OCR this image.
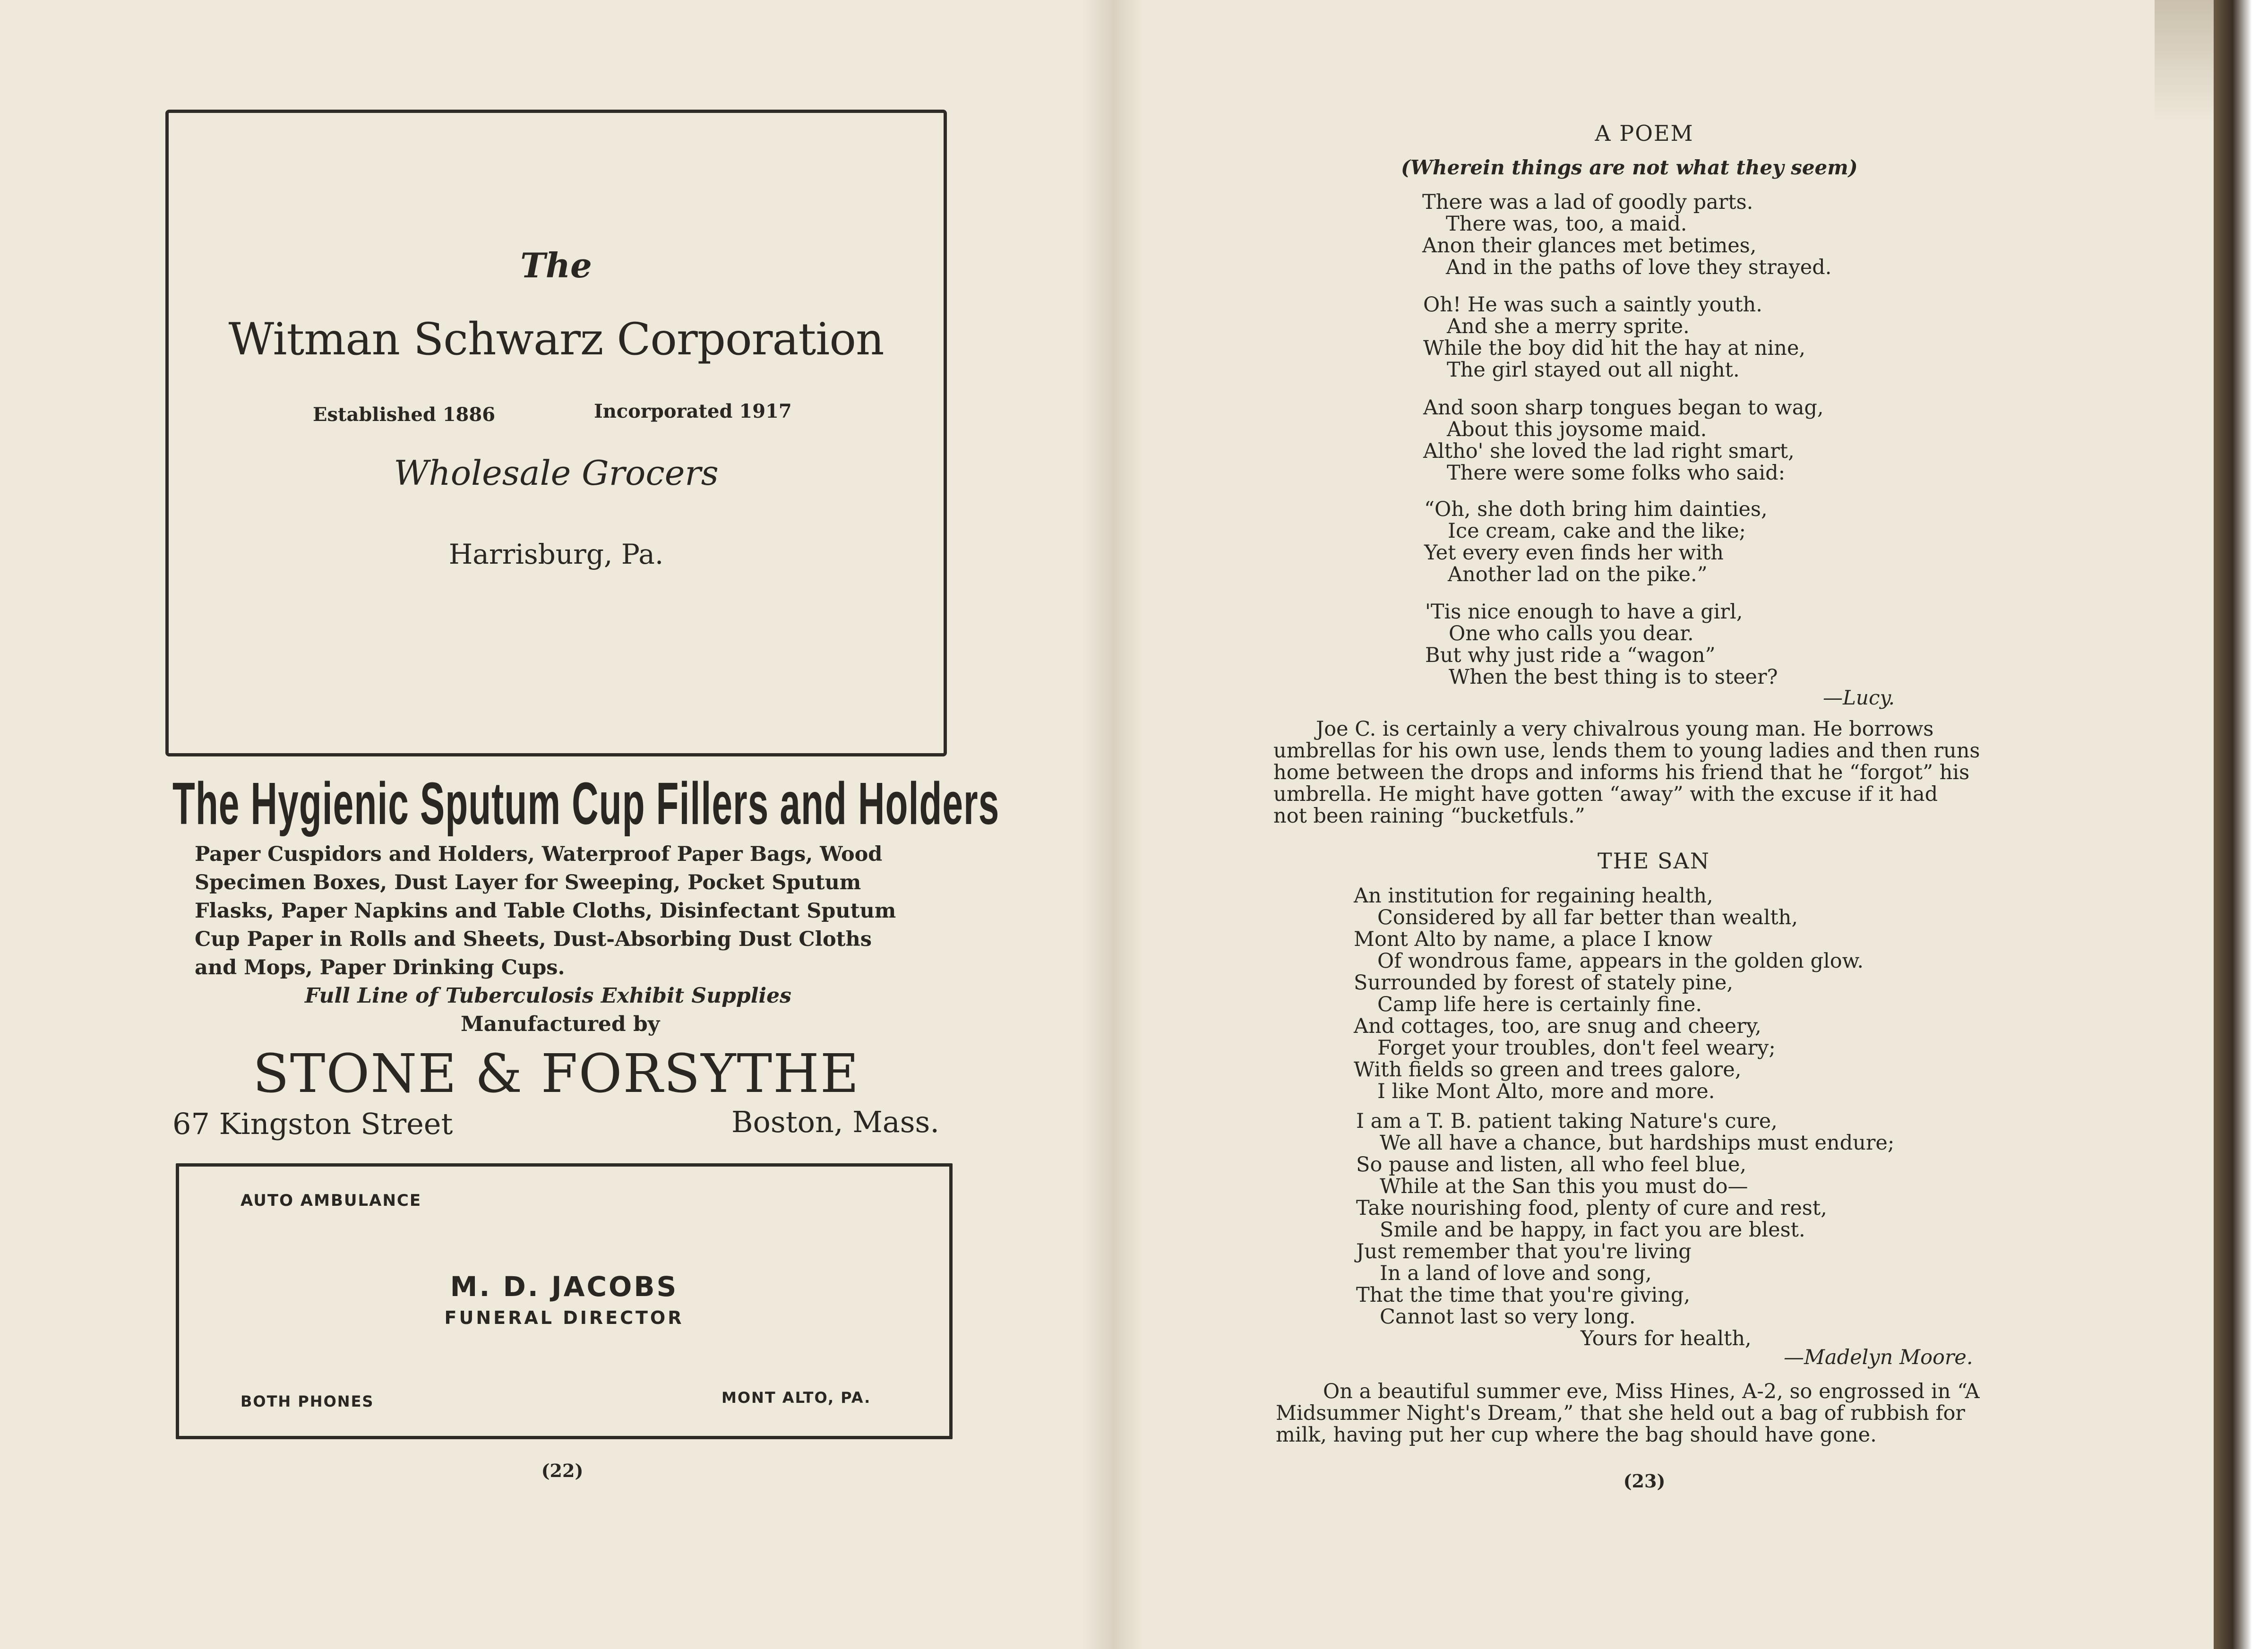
The
Witman Schwarz Corporation
Established 1886	Incorporated 1917
Wholesale Grocers
Harrisburg, Pa.
The Hygienic Sputum Cup Fillers and Holders
Paper Cuspidors and Holders, Waterproof Paper Bags, Wood
Specimen Boxes, Dust Layer for Sweeping, Pocket Sputum
Flasks, Paper Napkins and Table Cloths, Disinfectant Sputum
Cup Paper in Rolls and Sheets, Dust-Absorbing Dust Cloths
and Mops, Paper Drinking Cups.
Full Line of Tuberculosis Exhibit Supplies
Manufactured by
STONE & FORSYTHE
67 Kingston Street	Boston, Mass.
AUTO AMBULANCE
M. D. JACOBS
FUNERAL DIRECTOR
BOTH PHONES	MONT ALTO, PA.
(22)
A POEM
(Wherein things are not what they seem)
There was a lad of goodly parts.
There was, too, a maid.
Anon their glances met betimes,
And in the paths of love they strayed.
Oh! He was such a saintly youth.
And she a merry sprite.
While the boy did hit the hay at nine,
The girl stayed out all night.
And soon sharp tongues began to wag,
About this joysome maid.
Altho' she loved the lad right smart,
There were some folks who said:
“Oh, she doth bring him dainties,
Ice cream, cake and the like;
Yet every even finds her with
Another lad on the pike.”
'Tis nice enough to have a girl,
One who calls you dear.
But why just ride a “wagon”
When the best thing is to steer?
—Lucy.
Joe C. is certainly a very chivalrous young man. He borrows
umbrellas for his own use, lends them to young ladies and then runs
home between the drops and informs his friend that he “forgot” his
umbrella. He might have gotten “away” with the excuse if it had
not been raining “bucketfuls.”
THE SAN
An institution for regaining health,
Considered by all far better than wealth,
Mont Alto by name, a place I know
Of wondrous fame, appears in the golden glow.
Surrounded by forest of stately pine,
Camp life here is certainly fine.
And cottages, too, are snug and cheery,
Forget your troubles, don't feel weary;
With fields so green and trees galore,
I like Mont Alto, more and more.
I am a T. B. patient taking Nature's cure,
We all have a chance, but hardships must endure;
So pause and listen, all who feel blue,
While at the San this you must do—
Take nourishing food, plenty of cure and rest,
Smile and be happy, in fact you are blest.
Just remember that you're living
In a land of love and song,
That the time that you're giving,
Cannot last so very long.
Yours for health,
—Madelyn Moore.
On a beautiful summer eve, Miss Hines, A-2, so engrossed in “A
Midsummer Night's Dream,” that she held out a bag of rubbish for
milk, having put her cup where the bag should have gone.
(23)
